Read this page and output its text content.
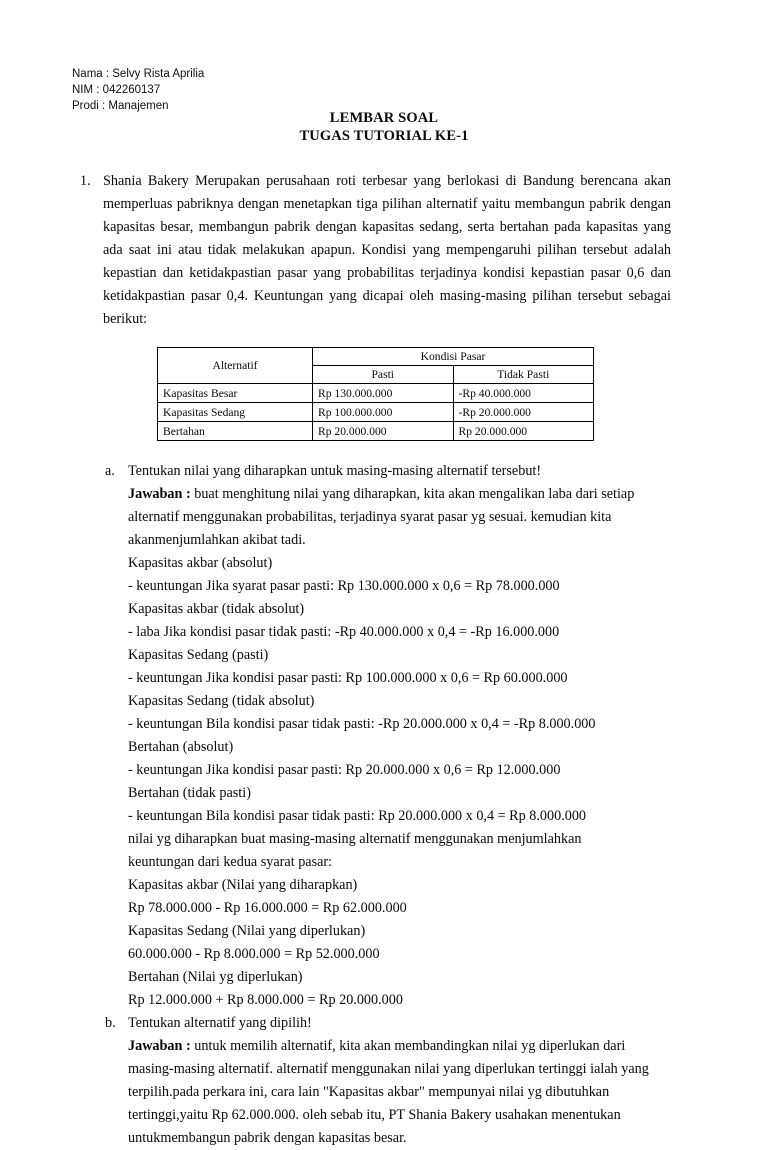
Nama : Selvy Rista Aprilia
NIM : 042260137
Prodi : Manajemen
LEMBAR SOAL
TUGAS TUTORIAL KE-1
1. Shania Bakery Merupakan perusahaan roti terbesar yang berlokasi di Bandung berencana akan memperluas pabriknya dengan menetapkan tiga pilihan alternatif yaitu membangun pabrik dengan kapasitas besar, membangun pabrik dengan kapasitas sedang, serta bertahan pada kapasitas yang ada saat ini atau tidak melakukan apapun. Kondisi yang mempengaruhi pilihan tersebut adalah kepastian dan ketidakpastian pasar yang probabilitas terjadinya kondisi kepastian pasar 0,6 dan ketidakpastian pasar 0,4. Keuntungan yang dicapai oleh masing-masing pilihan tersebut sebagai berikut:
Alternatif	Kondisi Pasar	
	Pasti	Tidak Pasti
Kapasitas Besar	Rp 130.000.000	-Rp 40.000.000
Kapasitas Sedang	Rp 100.000.000	-Rp 20.000.000
Bertahan	Rp 20.000.000	Rp 20.000.000
a. Tentukan nilai yang diharapkan untuk masing-masing alternatif tersebut!
Jawaban : buat menghitung nilai yang diharapkan, kita akan mengalikan laba dari setiap alternatif menggunakan probabilitas, terjadinya syarat pasar yg sesuai. kemudian kita akanmenjumlahkan akibat tadi.
Kapasitas akbar (absolut)
- keuntungan Jika syarat pasar pasti: Rp 130.000.000 x 0,6 = Rp 78.000.000
Kapasitas akbar (tidak absolut)
- laba Jika kondisi pasar tidak pasti: -Rp 40.000.000 x 0,4 = -Rp 16.000.000
Kapasitas Sedang (pasti)
- keuntungan Jika kondisi pasar pasti: Rp 100.000.000 x 0,6 = Rp 60.000.000
Kapasitas Sedang (tidak absolut)
- keuntungan Bila kondisi pasar tidak pasti: -Rp 20.000.000 x 0,4 = -Rp 8.000.000
Bertahan (absolut)
- keuntungan Jika kondisi pasar pasti: Rp 20.000.000 x 0,6 = Rp 12.000.000
Bertahan (tidak pasti)
- keuntungan Bila kondisi pasar tidak pasti: Rp 20.000.000 x 0,4 = Rp 8.000.000
nilai yg diharapkan buat masing-masing alternatif menggunakan menjumlahkan
keuntungan dari kedua syarat pasar:
Kapasitas akbar (Nilai yang diharapkan)
Rp 78.000.000 - Rp 16.000.000 = Rp 62.000.000
Kapasitas Sedang (Nilai yang diperlukan)
60.000.000 - Rp 8.000.000 = Rp 52.000.000
Bertahan (Nilai yg diperlukan)
Rp 12.000.000 + Rp 8.000.000 = Rp 20.000.000
b. Tentukan alternatif yang dipilih!
Jawaban : untuk memilih alternatif, kita akan membandingkan nilai yg diperlukan dari masing-masing alternatif. alternatif menggunakan nilai yang diperlukan tertinggi ialah yang terpilih.pada perkara ini, cara lain "Kapasitas akbar" mempunyai nilai yg dibutuhkan tertinggi,yaitu Rp 62.000.000. oleh sebab itu, PT Shania Bakery usahakan menentukan untukmembangun pabrik dengan kapasitas besar.
